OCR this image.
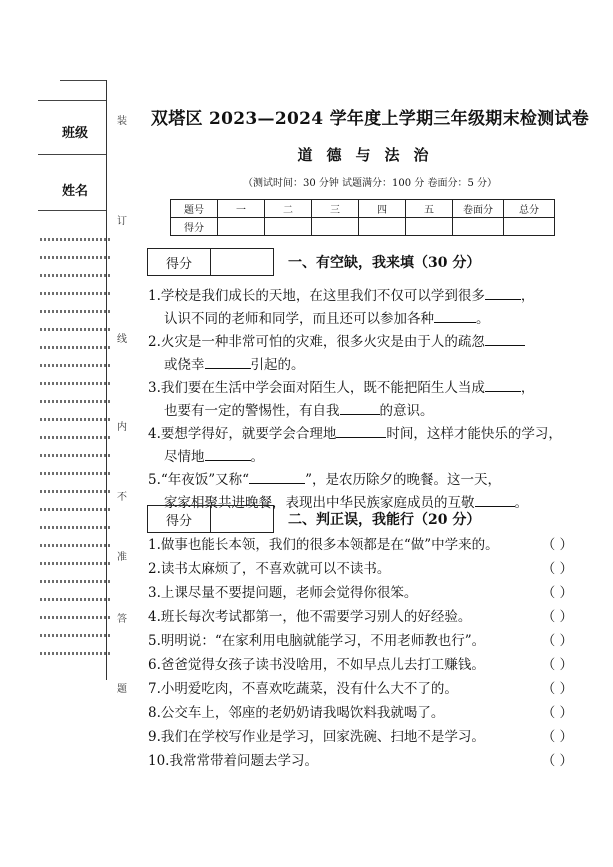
班级
姓名
装
订
线
内
不
准
答
题
双塔区 2023—2024 学年度上学期三年级期末检测试卷
道德与法治
（测试时间：30 分钟 试题满分：100 分 卷面分：5 分）
题号	一	二	三	四	五	卷面分	总分
得分							
得分	一、有空缺，我来填（30 分）
1.学校是我们成长的天地，在这里我们不仅可以学到很多	，
认识不同的老师和同学，而且还可以参加各种	。
2.火灾是一种非常可怕的灾难，很多火灾是由于人的疏忽
或侥幸	引起的。
3.我们要在生活中学会面对陌生人，既不能把陌生人当成	，
也要有一定的警惕性，有自我	的意识。
4.要想学得好，就要学会合理地	时间，这样才能快乐的学习，
尽情地	。
5.“年夜饭”又称“	”，是农历除夕的晚餐。这一天，
家家相聚共进晚餐，表现出中华民族家庭成员的互敬	。
得分	二、判正误，我能行（20 分）
1.做事也能长本领，我们的很多本领都是在“做”中学来的。	（ ）
2.读书太麻烦了，不喜欢就可以不读书。	（ ）
3.上课尽量不要提问题，老师会觉得你很笨。	（ ）
4.班长每次考试都第一，他不需要学习别人的好经验。	（ ）
5.明明说：“在家利用电脑就能学习，不用老师教也行”。	（ ）
6.爸爸觉得女孩子读书没啥用，不如早点儿去打工赚钱。	（ ）
7.小明爱吃肉，不喜欢吃蔬菜，没有什么大不了的。	（ ）
8.公交车上，邻座的老奶奶请我喝饮料我就喝了。	（ ）
9.我们在学校写作业是学习，回家洗碗、扫地不是学习。	（ ）
10.我常常带着问题去学习。	（ ）
